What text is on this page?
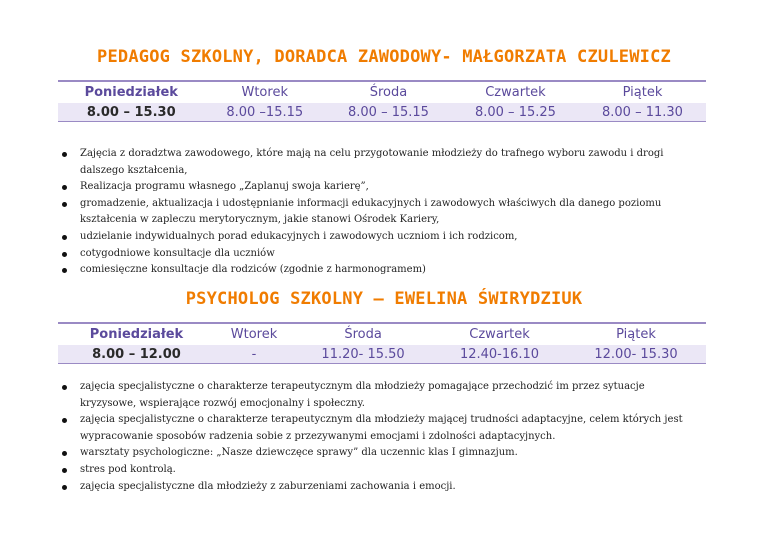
PEDAGOG SZKOLNY, DORADCA ZAWODOWY- MAŁGORZATA CZULEWICZ
Poniedziałek	Wtorek	Środa	Czwartek	Piątek
8.00 – 15.30	8.00 –15.15	8.00 – 15.15	8.00 – 15.25	8.00 – 11.30
Zajęcia z doradztwa zawodowego, które mają na celu przygotowanie młodzieży do trafnego wyboru zawodu i drogi dalszego kształcenia,
Realizacja programu własnego „Zaplanuj swoja karierę”,
gromadzenie, aktualizacja i udostępnianie informacji edukacyjnych i zawodowych właściwych dla danego poziomu kształcenia w zapleczu merytorycznym, jakie stanowi Ośrodek Kariery,
udzielanie indywidualnych porad edukacyjnych i zawodowych uczniom i ich rodzicom,
cotygodniowe konsultacje dla uczniów
comiesięczne konsultacje dla rodziców (zgodnie z harmonogramem)
PSYCHOLOG SZKOLNY – EWELINA ŚWIRYDZIUK
Poniedziałek	Wtorek	Środa	Czwartek	Piątek
8.00 – 12.00	-	11.20- 15.50	12.40-16.10	12.00- 15.30
zajęcia specjalistyczne o charakterze terapeutycznym dla młodzieży pomagające przechodzić im przez sytuacje kryzysowe, wspierające rozwój emocjonalny i społeczny.
zajęcia specjalistyczne o charakterze terapeutycznym dla młodzieży mającej trudności adaptacyjne, celem których jest wypracowanie sposobów radzenia sobie z przezywanymi emocjami i zdolności adaptacyjnych.
warsztaty psychologiczne: „Nasze dziewczęce sprawy” dla uczennic klas I gimnazjum.
stres pod kontrolą.
zajęcia specjalistyczne dla młodzieży z zaburzeniami zachowania i emocji.
